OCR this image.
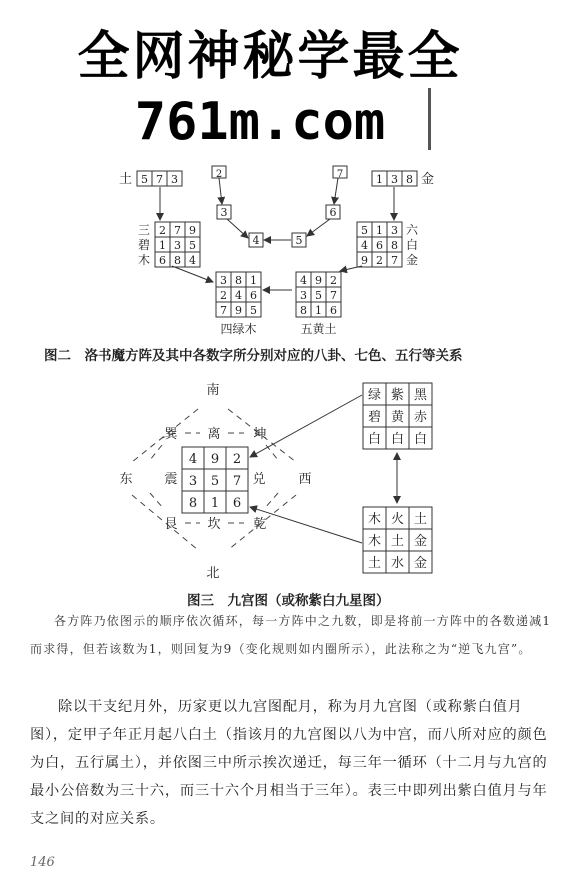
全网神秘学最全
761m.com
土 5 7 3	1 3 8 金
2
3
4	5
6
7
三
碧
木
2 7 9
1 3 5
6 8 4
六
白
金
5 1 3
4 6 8
9 2 7
3 8 1
2 4 6
7 9 5
四绿木
4 9 2
3 5 7
8 1 6
五黄土
图二　洛书魔方阵及其中各数字所分别对应的八卦、七色、五行等关系
南
北
东	西
巽 离	坤
震	兑
艮 坎	乾
4 9 2
3 5 7
8 1 6
绿 紫 黑
碧 黄 赤
白 白 白
木 火 土
木 土 金
土 水 金
图三　九宫图（或称紫白九星图）
各方阵乃依图示的顺序依次循环，每一方阵中之九数，即是将前一方阵中的各数递减1而求得，但若该数为1，则回复为9（变化规则如内圈所示），此法称之为“逆飞九宫”。
除以干支纪月外，历家更以九宫图配月，称为月九宫图（或称紫白值月图），定甲子年正月起八白土（指该月的九宫图以八为中宫，而八所对应的颜色为白，五行属土），并依图三中所示挨次递迁，每三年一循环（十二月与九宫的最小公倍数为三十六，而三十六个月相当于三年）。表三中即列出紫白值月与年支之间的对应关系。
146
